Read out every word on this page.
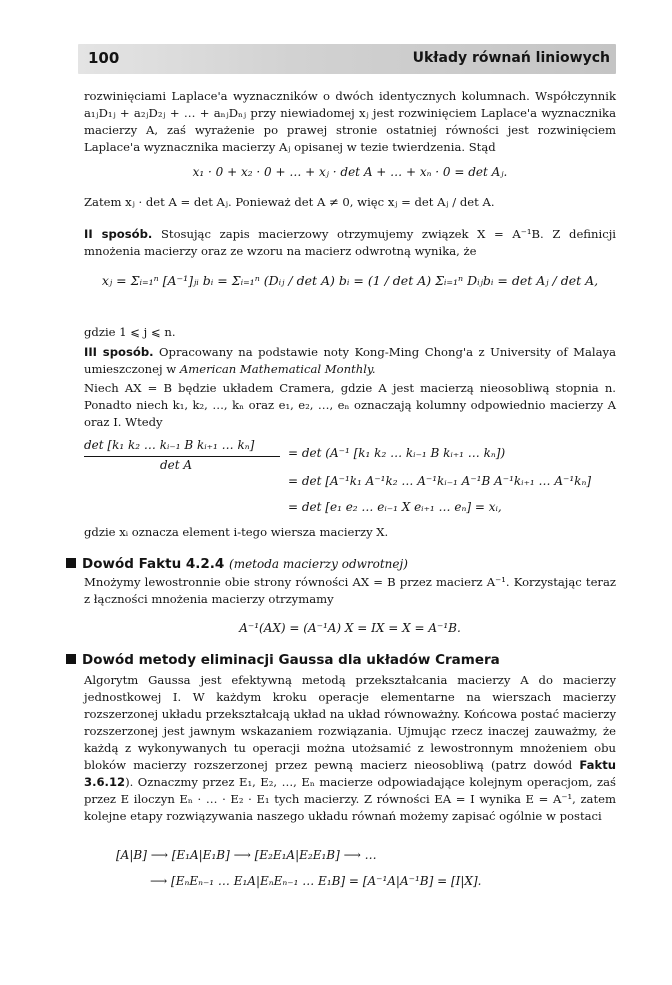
100	Układy równań liniowych

rozwinięciami Laplace'a wyznaczników o dwóch identycznych kolumnach. Współczynnik a₁ⱼD₁ⱼ + a₂ⱼD₂ⱼ + … + aₙⱼDₙⱼ przy niewiadomej xⱼ jest rozwinięciem Laplace'a wyznacznika macierzy A, zaś wyrażenie po prawej stronie ostatniej równości jest rozwinięciem Laplace'a wyznacznika macierzy Aⱼ opisanej w tezie twierdzenia. Stąd

x₁ · 0 + x₂ · 0 + … + xⱼ · det A + … + xₙ · 0 = det Aⱼ.

Zatem xⱼ · det A = det Aⱼ. Ponieważ det A ≠ 0, więc xⱼ = det Aⱼ / det A.

II sposób. Stosując zapis macierzowy otrzymujemy związek X = A⁻¹B. Z definicji mnożenia macierzy oraz ze wzoru na macierz odwrotną wynika, że

xⱼ = Σᵢ₌₁ⁿ [A⁻¹]ⱼᵢ bᵢ = Σᵢ₌₁ⁿ (Dᵢⱼ / det A) bᵢ = (1 / det A) Σᵢ₌₁ⁿ Dᵢⱼbᵢ = det Aⱼ / det A,

gdzie 1 ⩽ j ⩽ n.

III sposób. Opracowany na podstawie noty Kong-Ming Chong'a z University of Malaya umieszczonej w American Mathematical Monthly.

Niech AX = B będzie układem Cramera, gdzie A jest macierzą nieosobliwą stopnia n. Ponadto niech k₁, k₂, …, kₙ oraz e₁, e₂, …, eₙ oznaczają kolumny odpowiednio macierzy A oraz I. Wtedy

det [k₁ k₂ … kᵢ₋₁ B kᵢ₊₁ … kₙ]

det A

= det (A⁻¹ [k₁ k₂ … kᵢ₋₁ B kᵢ₊₁ … kₙ])

= det [A⁻¹k₁ A⁻¹k₂ … A⁻¹kᵢ₋₁ A⁻¹B A⁻¹kᵢ₊₁ … A⁻¹kₙ]

= det [e₁ e₂ … eᵢ₋₁ X eᵢ₊₁ … eₙ] = xᵢ,

gdzie xᵢ oznacza element i-tego wiersza macierzy X.

Dowód Faktu 4.2.4 (metoda macierzy odwrotnej)

Mnożymy lewostronnie obie strony równości AX = B przez macierz A⁻¹. Korzystając teraz z łączności mnożenia macierzy otrzymamy

A⁻¹(AX) = (A⁻¹A) X = IX = X = A⁻¹B.

Dowód metody eliminacji Gaussa dla układów Cramera

Algorytm Gaussa jest efektywną metodą przekształcania macierzy A do macierzy jednostkowej I. W każdym kroku operacje elementarne na wierszach macierzy rozszerzonej układu przekształcają układ na układ równoważny. Końcowa postać macierzy rozszerzonej jest jawnym wskazaniem rozwiązania. Ujmując rzecz inaczej zauważmy, że każdą z wykonywanych tu operacji można utożsamić z lewostronnym mnożeniem obu bloków macierzy rozszerzonej przez pewną macierz nieosobliwą (patrz dowód Faktu 3.6.12). Oznaczmy przez E₁, E₂, …, Eₙ macierze odpowiadające kolejnym operacjom, zaś przez E iloczyn Eₙ · … · E₂ · E₁ tych macierzy. Z równości EA = I wynika E = A⁻¹, zatem kolejne etapy rozwiązywania naszego układu równań możemy zapisać ogólnie w postaci

[A|B] ⟶ [E₁A|E₁B] ⟶ [E₂E₁A|E₂E₁B] ⟶ …

⟶ [EₙEₙ₋₁ … E₁A|EₙEₙ₋₁ … E₁B] = [A⁻¹A|A⁻¹B] = [I|X].
